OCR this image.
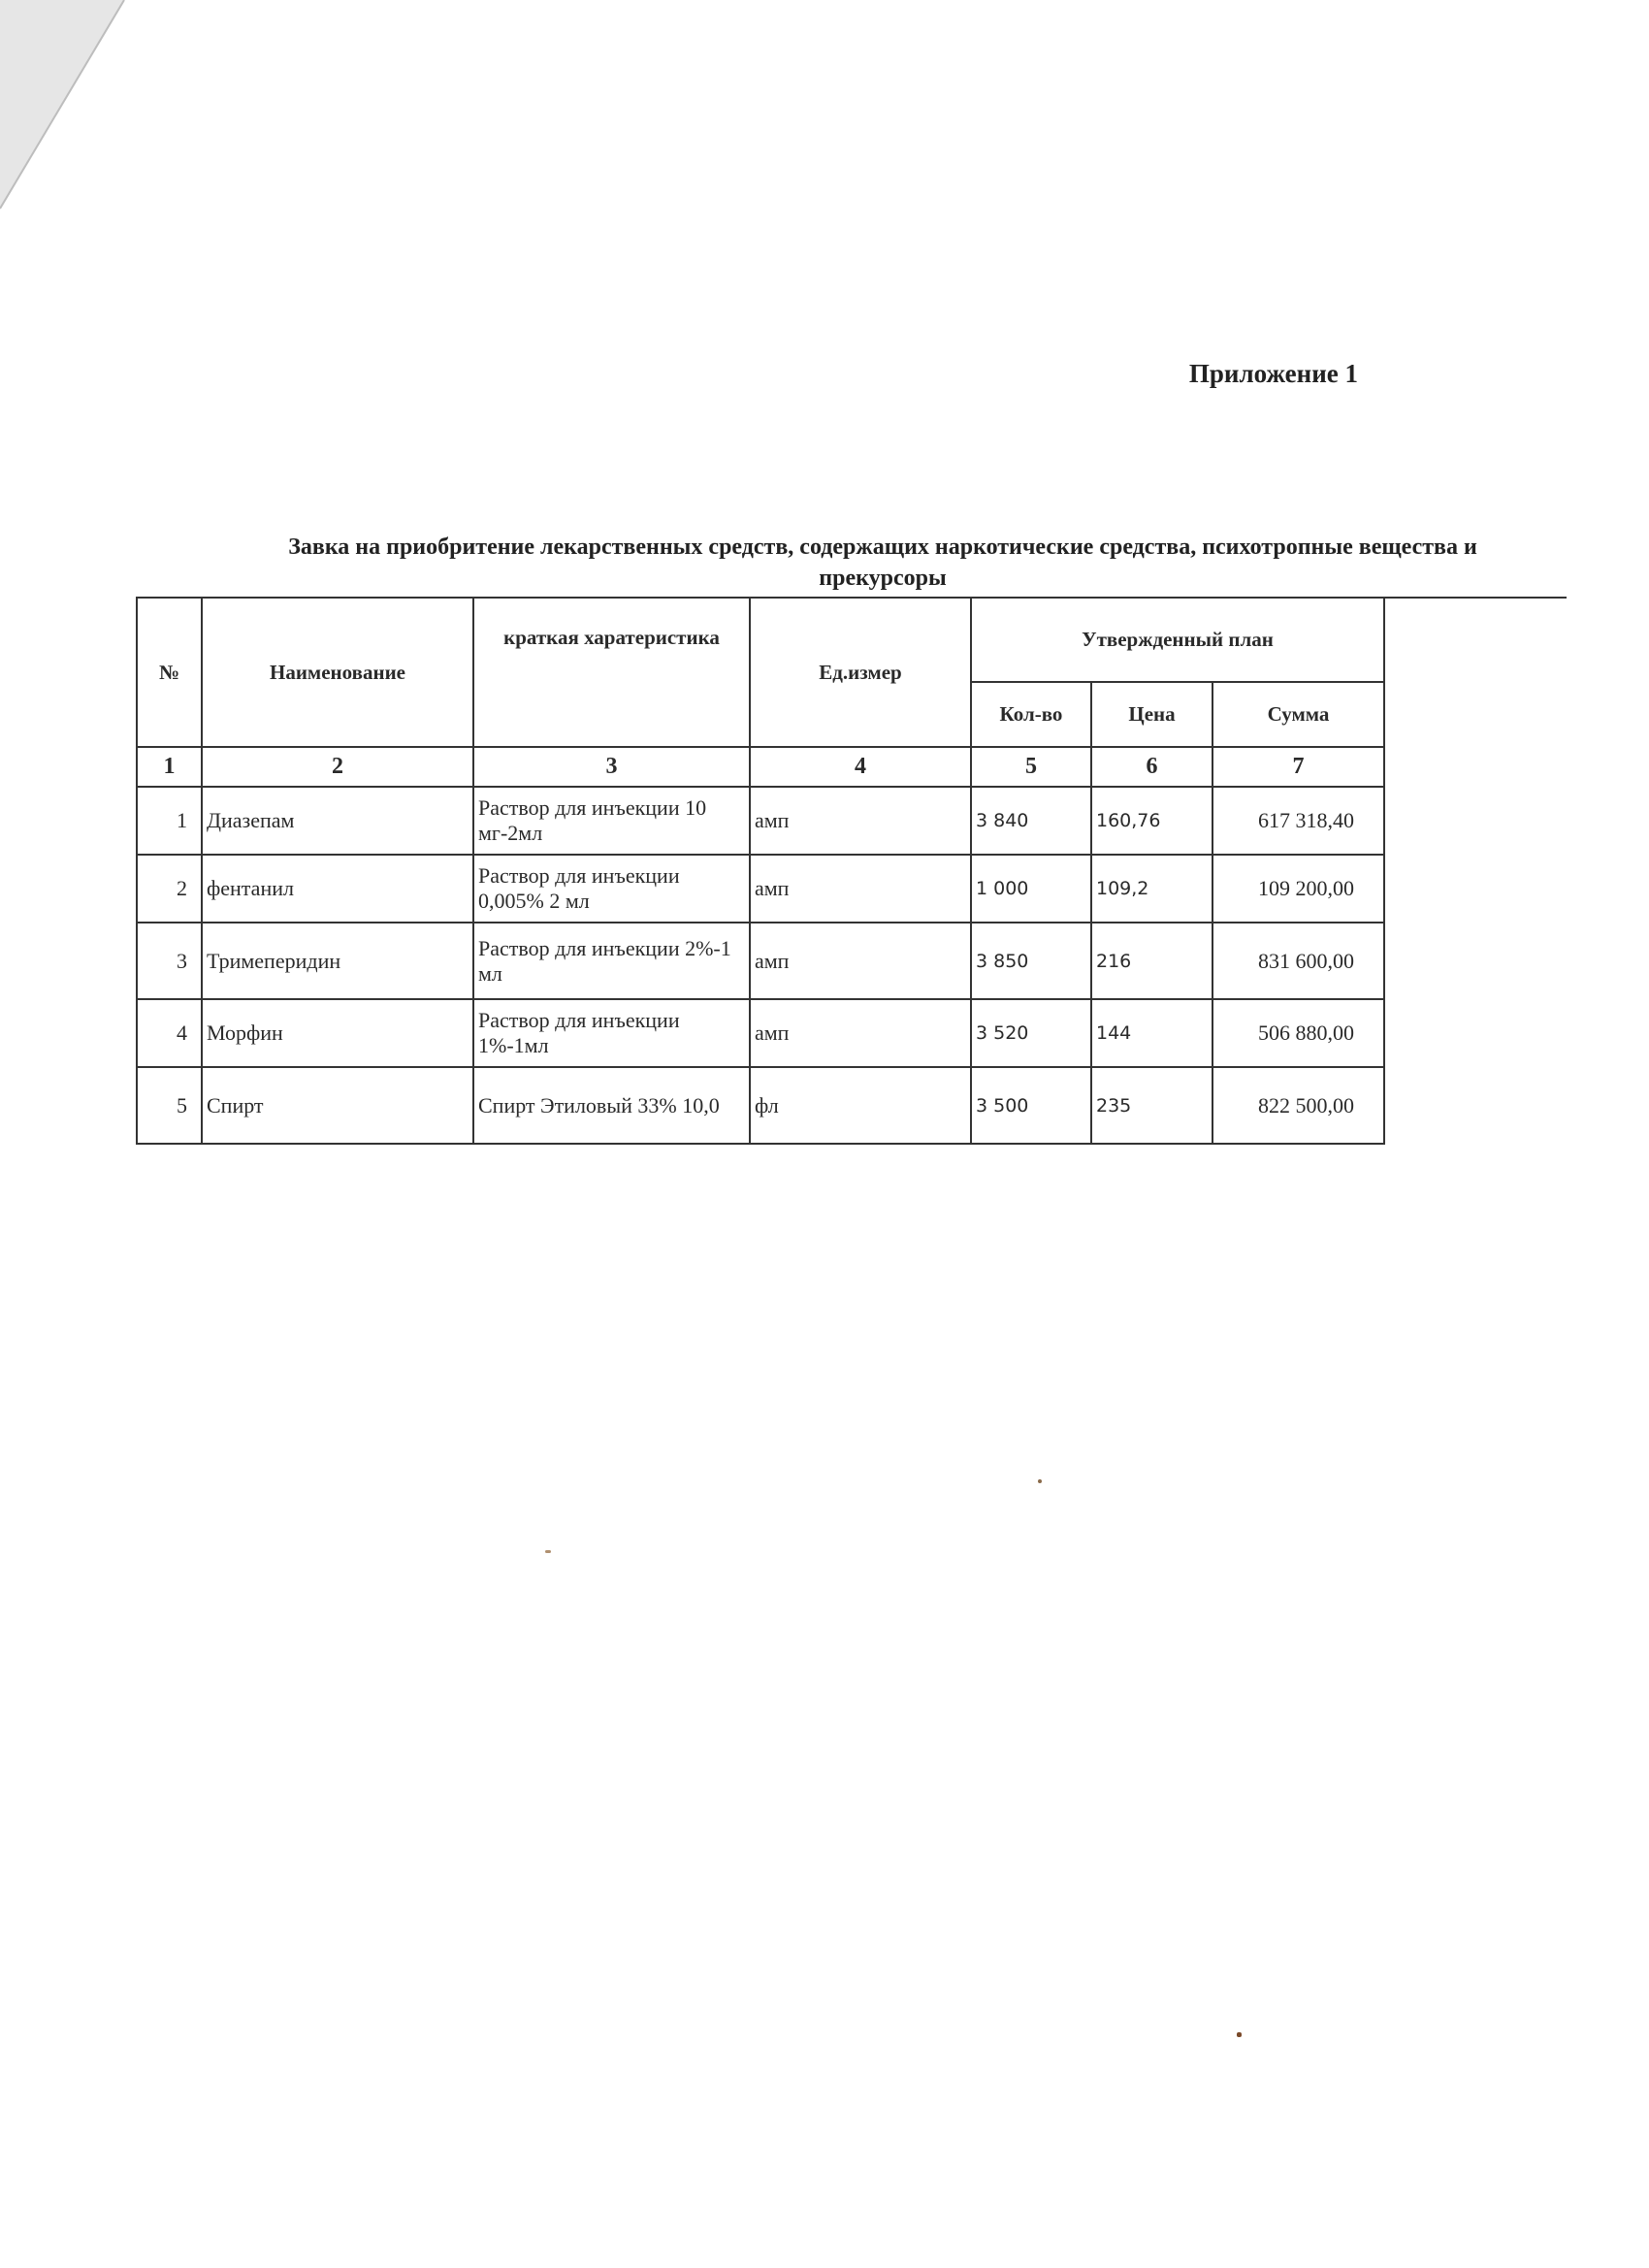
Приложение 1
Завка на приобритение лекарственных средств, содержащих наркотические средства, психотропные вещества и прекурсоры
№	Наименование	краткая харатеристика	Ед.измер	Утвержденный план		
				Кол-во	Цена	Сумма
1	2	3	4	5	6	7
1	Диазепам	Раствор для инъекции 10 мг-2мл	амп	3 840	160,76	617 318,40
2	фентанил	Раствор для инъекции 0,005% 2 мл	амп	1 000	109,2	109 200,00
3	Тримеперидин	Раствор для инъекции 2%-1 мл	амп	3 850	216	831 600,00
4	Морфин	Раствор для инъекции 1%-1мл	амп	3 520	144	506 880,00
5	Спирт	Спирт Этиловый 33% 10,0	фл	3 500	235	822 500,00
